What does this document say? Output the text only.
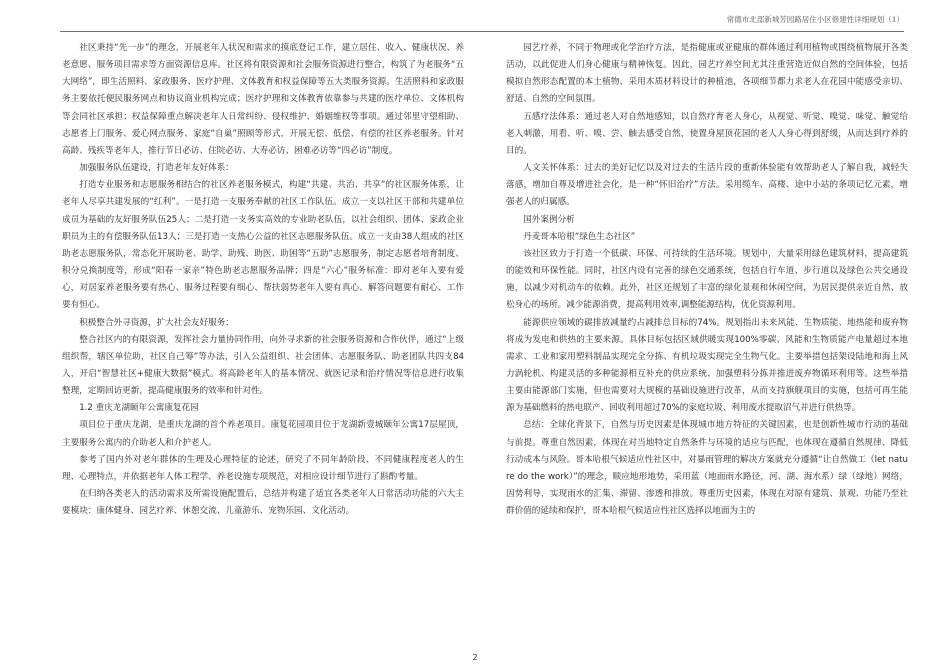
常德市北部新城芳园路居住小区修建性详细规划（1）

社区秉持“先一步”的理念，开展老年人状况和需求的摸底登记工作，建立居住、收入、健康状况、养老意愿、服务项目需求等方面资源信息库。社区将有限资源和社会服务资源进行整合，构筑了为老服务“五大网络”，即生活照料、家政服务、医疗护理、文体教育和权益保障等五大类服务资源。生活照料和家政服务主要依托便民服务网点和协议商业机构完成；医疗护理和文体教育依靠参与共建的医疗单位、文体机构等会同社区承担；权益保障重点解决老年人日常纠纷、侵权维护、婚姻维权等事项。通过邻里守望相助、志愿者上门服务、爱心网点服务、家庭“自巢”照顾等形式，开展无偿、低偿、有偿的社区养老服务。针对高龄、残疾等老年人，推行节日必访、住院必访、大寿必访、困难必访等“四必访”制度。

加强服务队伍建设，打造老年友好体系：

打造专业服务和志愿服务相结合的社区养老服务模式，构建“共建、共治、共享”的社区服务体系，让老年人尽享共建发展的“红利”。一是打造一支服务奉献的社区工作队伍。成立一支以社区干部和共建单位成员为基础的友好服务队伍25人；二是打造一支务实高效的专业助老队伍，以社会组织、团体、家政企业职员为主的有偿服务队伍13人；三是打造一支热心公益的社区志愿服务队伍。成立一支由38人组成的社区助老志愿服务队，常态化开展助老、助学、助残、助医、助困等“五助”志愿服务，制定志愿者培育制度、积分兑换制度等，形成“阳春一家亲”特色助老志愿服务品牌；四是“六心”服务标准：即对老年人要有爱心，对居家养老服务要有热心、服务过程要有细心、帮扶弱势老年人要有真心、解答问题要有耐心、工作要有恒心。

积极整合外寻资源，扩大社会友好服务：

整合社区内的有限资源，发挥社会力量协同作用，向外寻求新的社会服务资源和合作伙伴，通过“上级组织帮，辖区单位助，社区自己筹”等办法，引入公益组织、社会团体、志愿服务队、助老团队共四支84人，开启“智慧社区+健康大数据”模式。将高龄老年人的基本情况、就医记录和治疗情况等信息进行收集整理，定期回访更新，提高健康服务的效率和针对性。

1.2 重庆龙湖颐年公寓康复花园

项目位于重庆龙湖，是重庆龙湖的首个养老项目。康复花园项目位于龙湖新壹城颐年公寓17层屋顶，主要服务公寓内的介助老人和介护老人。

参考了国内外对老年群体的生理及心理特征的论述，研究了不同年龄阶段、不同健康程度老人的生理、心理特点，并依据老年人体工程学、养老设施专项规范，对相应设计细节进行了斟酌考量。

在归纳各类老人的活动需求及所需设施配置后，总结并构建了适宜各类老年人日常活动功能的六大主要模块：康体健身、园艺疗养、休憩交流、儿童游乐、宠物乐园、文化活动。

园艺疗养，不同于物理或化学治疗方法，是指健康或亚健康的群体通过利用植物或围绕植物展开各类活动，以此促进人们身心健康与精神恢复。因此，园艺疗养空间尤其注重营造近似自然的空间体验，包括模拟自然形态配置的本土植物、采用木质材料设计的种植池，各项细节都力求老人在花园中能感受亲切、舒适、自然的空间氛围。

五感疗法体系：通过老人对自然地感知，以自然疗育老人身心，从视觉、听觉、嗅觉、味觉、触觉给老人刺激，用看、听、嗅、尝、触去感受自然，使置身屋顶花园的老人人身心得到舒缓，从而达到疗养的目的。

人文关怀体系：过去的美好记忆以及对过去的生活片段的重新体验能有效帮助老人了解自我，减轻失落感，增加自尊及增进社会化，是一种“怀旧治疗”方法。采用缆车、高楼、途中小站的条项记忆元素，增强老人的归属感。

国外案例分析

丹麦哥本哈根“绿色生态社区”

该社区致力于打造一个低碳、环保、可持续的生活环境。规划中，大量采用绿色建筑材料，提高建筑的能效和环保性能。同时，社区内设有完善的绿色交通系统，包括自行车道、步行道以及绿色公共交通设施，以减少对机动车的依赖。此外，社区还规划了丰富的绿化景观和休闲空间，为居民提供亲近自然、放松身心的场所。减少能源消费，提高利用效率,调整能源结构，优化资源利用。

能源供应领域的碳排放减量约占减排总目标的74%。规划指出未来风能、生物质能、地热能和废弃物将成为发电和供热的主要来源。具体目标包括区域供暖实现100%零碳、风能和生物质能产电量超过本地需求、工业和家用塑料制品实现完全分拣、有机垃圾实现完全生物气化。主要举措包括架设陆地和海上风力涡轮机、构建灵活的多种能源相互补充的供应系统、加强塑料分拣并推进废弃物循环利用等。这些举措主要由能源部门实施，但也需要对大规模的基础设施进行改革，从而支持旗舰项目的实施，包括可再生能源为基础燃料的热电联产、回收利用超过70%的家庭垃圾、利用废水提取沼气并进行供热等。

总结：全球化背景下，自然与历史因素是体现城市地方特征的关键因素，也是创新性城市行动的基础与前提。尊重自然因素，体现在对当地特定自然条件与环境的适应与匹配，也体现在遵循自然规律、降低行动成本与风险。哥本哈根气候适应性社区中，对暴雨管理的解决方案就充分遵循“让自然做工（let nature do the work）”的理念，顺应地形地势，采用蓝（地面雨水路径，河、湖、海水系）绿（绿地）网络，因势利导，实现雨水的汇集、滞留、渗透和排放。尊重历史因素，体现在对原有建筑、景观、功能乃至社群价值的延续和保护，哥本哈根气候适应性社区选择以地面为主的

2
